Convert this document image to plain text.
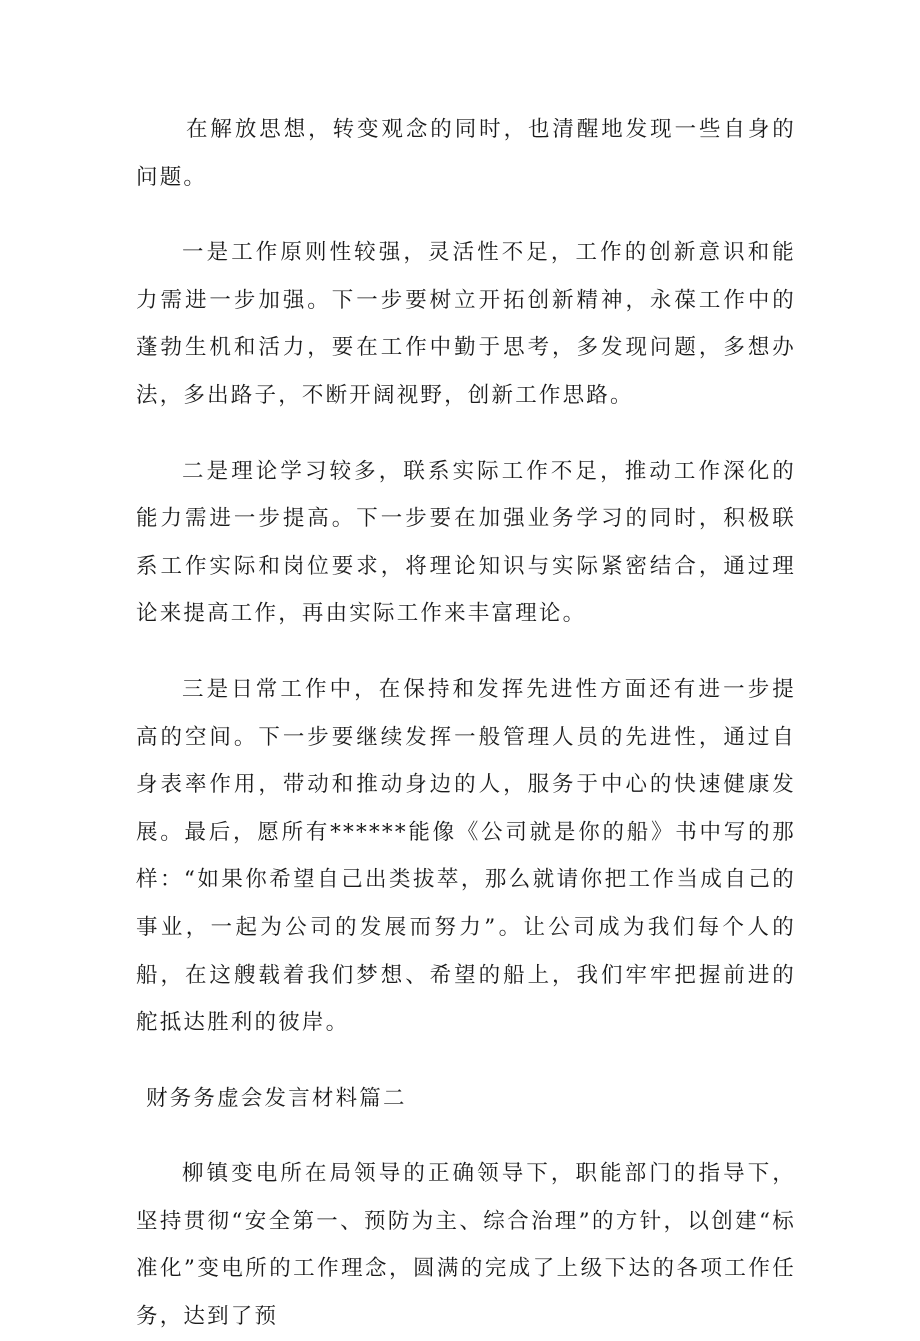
在解放思想，转变观念的同时，也清醒地发现一些自身的问题。

一是工作原则性较强，灵活性不足，工作的创新意识和能力需进一步加强。下一步要树立开拓创新精神，永葆工作中的蓬勃生机和活力，要在工作中勤于思考，多发现问题，多想办法，多出路子，不断开阔视野，创新工作思路。

二是理论学习较多，联系实际工作不足，推动工作深化的能力需进一步提高。下一步要在加强业务学习的同时，积极联系工作实际和岗位要求，将理论知识与实际紧密结合，通过理论来提高工作，再由实际工作来丰富理论。

三是日常工作中，在保持和发挥先进性方面还有进一步提高的空间。下一步要继续发挥一般管理人员的先进性，通过自身表率作用，带动和推动身边的人，服务于中心的快速健康发展。最后，愿所有******能像《公司就是你的船》书中写的那样：“如果你希望自己出类拔萃，那么就请你把工作当成自己的事业，一起为公司的发展而努力”。让公司成为我们每个人的船，在这艘载着我们梦想、希望的船上，我们牢牢把握前进的舵抵达胜利的彼岸。

财务务虚会发言材料篇二

柳镇变电所在局领导的正确领导下，职能部门的指导下，坚持贯彻“安全第一、预防为主、综合治理”的方针，以创建“标准化”变电所的工作理念，圆满的完成了上级下达的各项工作任务，达到了预
